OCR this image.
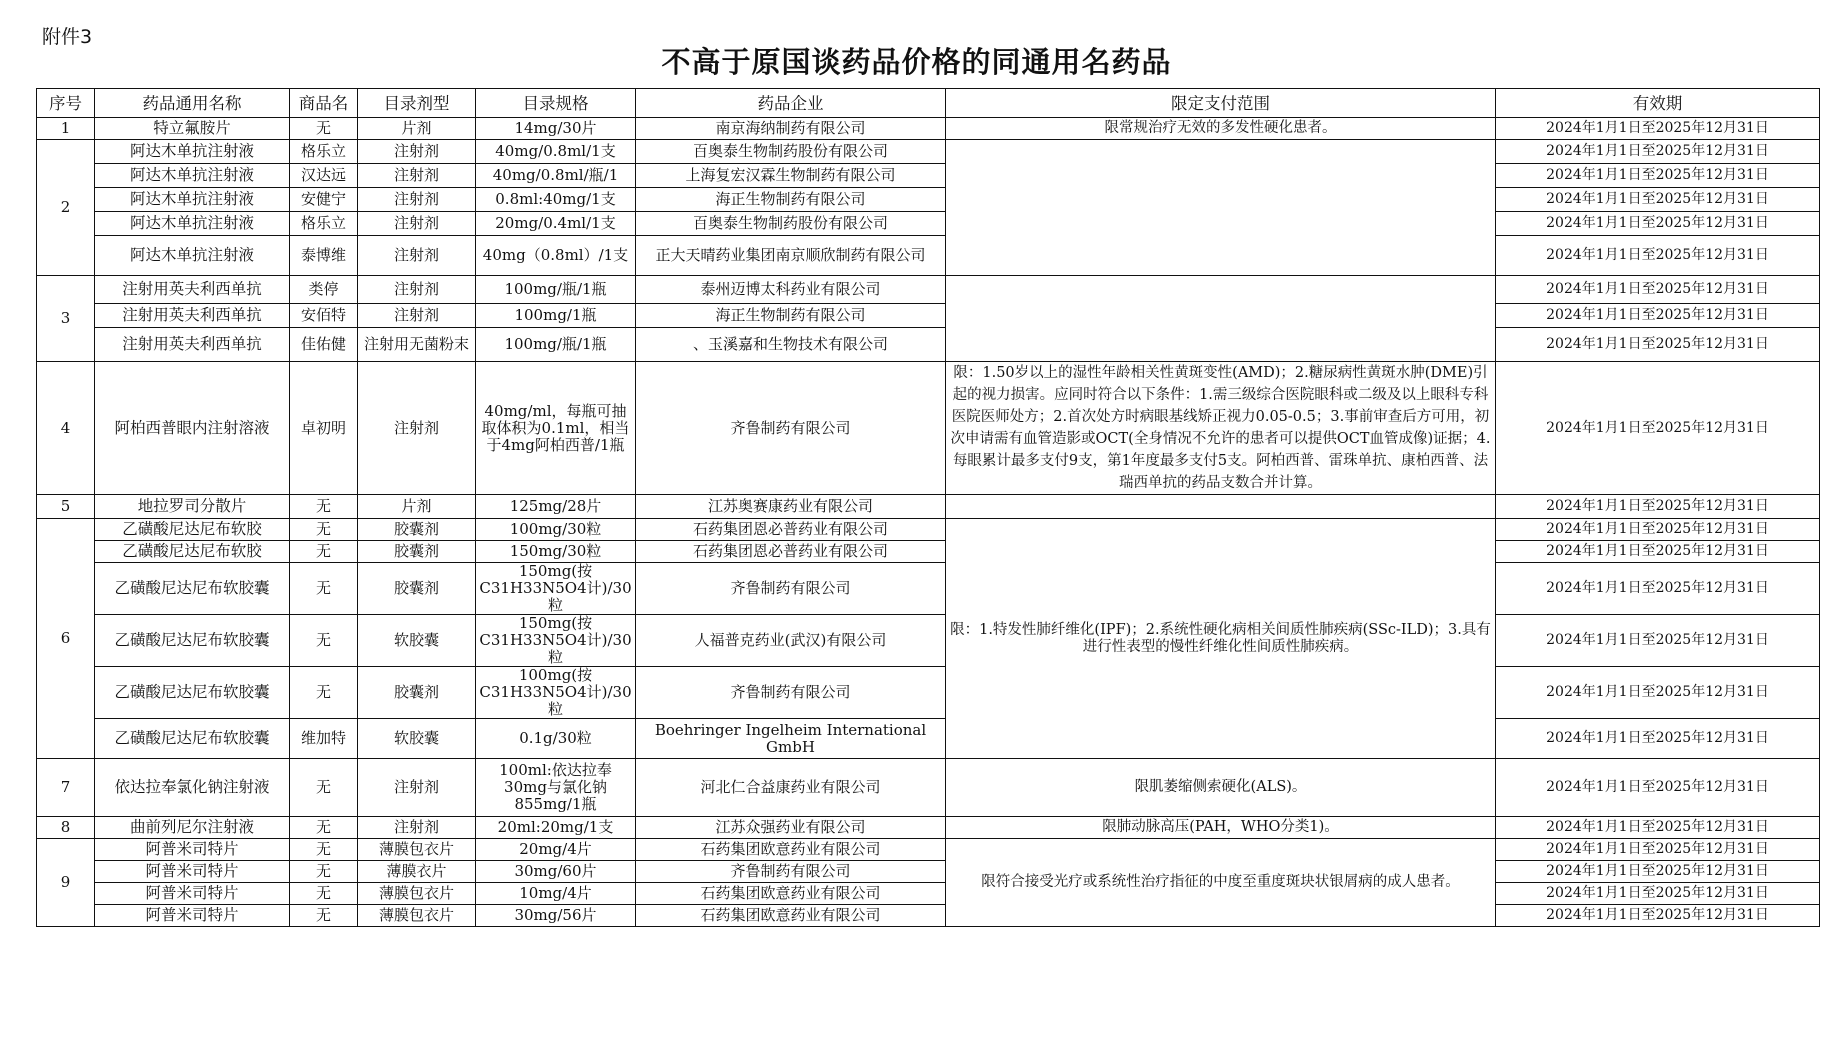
附件3
不高于原国谈药品价格的同通用名药品
序号	药品通用名称	商品名	目录剂型	目录规格	药品企业	限定支付范围	有效期
1	特立氟胺片	无	片剂	14mg/30片	南京海纳制药有限公司	限常规治疗无效的多发性硬化患者。	2024年1月1日至2025年12月31日
2	阿达木单抗注射液	格乐立	注射剂	40mg/0.8ml/1支	百奥泰生物制药股份有限公司		2024年1月1日至2025年12月31日
	阿达木单抗注射液	汉达远	注射剂	40mg/0.8ml/瓶/1	上海复宏汉霖生物制药有限公司		2024年1月1日至2025年12月31日
	阿达木单抗注射液	安健宁	注射剂	0.8ml:40mg/1支	海正生物制药有限公司		2024年1月1日至2025年12月31日
	阿达木单抗注射液	格乐立	注射剂	20mg/0.4ml/1支	百奥泰生物制药股份有限公司		2024年1月1日至2025年12月31日
	阿达木单抗注射液	泰博维	注射剂	40mg（0.8ml）/1支	正大天晴药业集团南京顺欣制药有限公司		2024年1月1日至2025年12月31日
3	注射用英夫利西单抗	类停	注射剂	100mg/瓶/1瓶	泰州迈博太科药业有限公司		2024年1月1日至2025年12月31日
	注射用英夫利西单抗	安佰特	注射剂	100mg/1瓶	海正生物制药有限公司		2024年1月1日至2025年12月31日
	注射用英夫利西单抗	佳佑健	注射用无菌粉末	100mg/瓶/1瓶	、玉溪嘉和生物技术有限公司		2024年1月1日至2025年12月31日
4	阿柏西普眼内注射溶液	卓初明	注射剂	40mg/ml，每瓶可抽取体积为0.1ml，相当于4mg阿柏西普/1瓶	齐鲁制药有限公司	限：1.50岁以上的湿性年龄相关性黄斑变性(AMD)；2.糖尿病性黄斑水肿(DME)引起的视力损害。应同时符合以下条件：1.需三级综合医院眼科或二级及以上眼科专科医院医师处方；2.首次处方时病眼基线矫正视力0.05-0.5；3.事前审查后方可用，初次申请需有血管造影或OCT(全身情况不允许的患者可以提供OCT血管成像)证据；4.每眼累计最多支付9支，第1年度最多支付5支。阿柏西普、雷珠单抗、康柏西普、法瑞西单抗的药品支数合并计算。	2024年1月1日至2025年12月31日
5	地拉罗司分散片	无	片剂	125mg/28片	江苏奥赛康药业有限公司		2024年1月1日至2025年12月31日
6	乙磺酸尼达尼布软胶	无	胶囊剂	100mg/30粒	石药集团恩必普药业有限公司	限：1.特发性肺纤维化(IPF)；2.系统性硬化病相关间质性肺疾病(SSc-ILD)；3.具有进行性表型的慢性纤维化性间质性肺疾病。	2024年1月1日至2025年12月31日
	乙磺酸尼达尼布软胶	无	胶囊剂	150mg/30粒	石药集团恩必普药业有限公司		2024年1月1日至2025年12月31日
	乙磺酸尼达尼布软胶囊	无	胶囊剂	150mg(按C31H33N5O4计)/30粒	齐鲁制药有限公司		2024年1月1日至2025年12月31日
	乙磺酸尼达尼布软胶囊	无	软胶囊	150mg(按C31H33N5O4计)/30粒	人福普克药业(武汉)有限公司		2024年1月1日至2025年12月31日
	乙磺酸尼达尼布软胶囊	无	胶囊剂	100mg(按C31H33N5O4计)/30粒	齐鲁制药有限公司		2024年1月1日至2025年12月31日
	乙磺酸尼达尼布软胶囊	维加特	软胶囊	0.1g/30粒	Boehringer Ingelheim International GmbH		2024年1月1日至2025年12月31日
7	依达拉奉氯化钠注射液	无	注射剂	100ml:依达拉奉30mg与氯化钠855mg/1瓶	河北仁合益康药业有限公司	限肌萎缩侧索硬化(ALS)。	2024年1月1日至2025年12月31日
8	曲前列尼尔注射液	无	注射剂	20ml:20mg/1支	江苏众强药业有限公司	限肺动脉高压(PAH，WHO分类1)。	2024年1月1日至2025年12月31日
9	阿普米司特片	无	薄膜包衣片	20mg/4片	石药集团欧意药业有限公司	限符合接受光疗或系统性治疗指征的中度至重度斑块状银屑病的成人患者。	2024年1月1日至2025年12月31日
	阿普米司特片	无	薄膜衣片	30mg/60片	齐鲁制药有限公司		2024年1月1日至2025年12月31日
	阿普米司特片	无	薄膜包衣片	10mg/4片	石药集团欧意药业有限公司		2024年1月1日至2025年12月31日
	阿普米司特片	无	薄膜包衣片	30mg/56片	石药集团欧意药业有限公司		2024年1月1日至2025年12月31日
